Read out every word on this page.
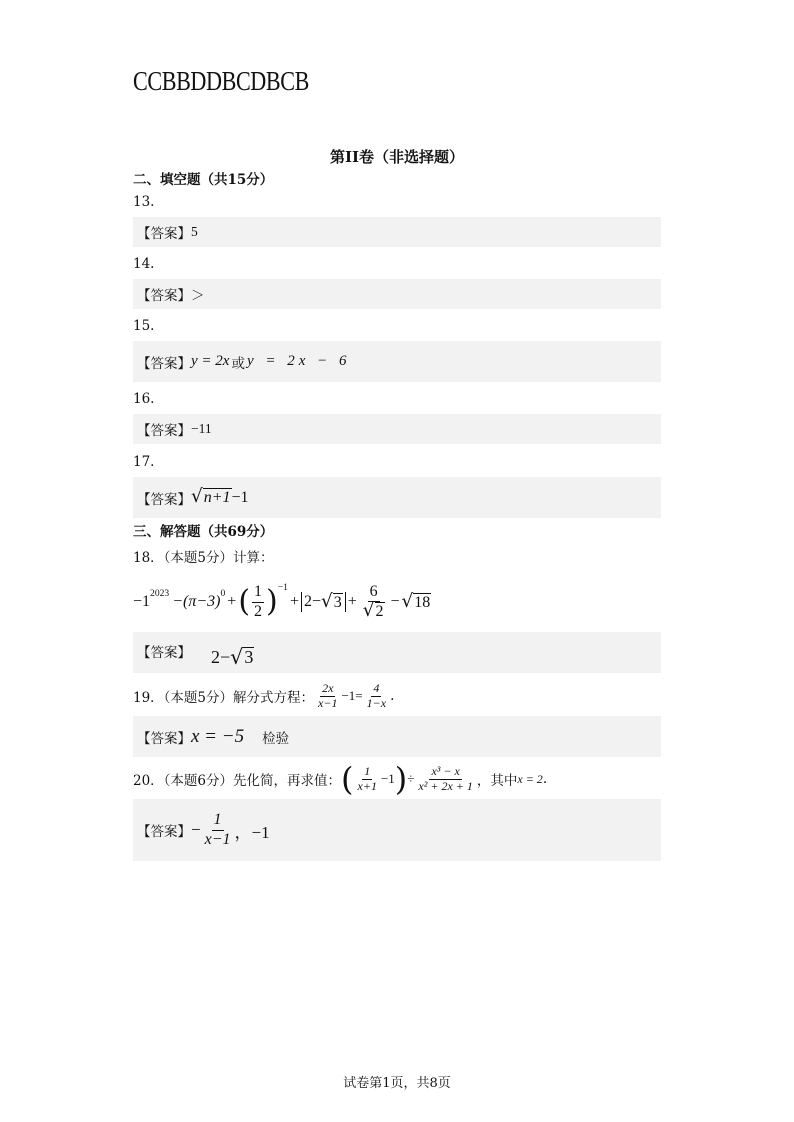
CCBBDDBCDBCB
第II卷（非选择题）
二、填空题（共15分）
13.
【答案】 5
14.
【答案】 ＞
15.
【答案】 y = 2x 或 y = 2x − 6
16.
【答案】 −11
17.
【答案】 √ n+1 −1
三、解答题（共69分）
18．（本题5分）计算：
$-1^{2023} -(\pi-3)^0$ + ( $\frac{1}{2} )^{-1}$
+ 2− √ $3 + \frac{6}{√ 2}$ − √ 18
【答案】 2− √ 3
19．（本题5分）解分式方程： $\frac{2x}{x-1} -1= \frac{4}{1-x}$ .
【答案】 x = −5 检验
20．（本题6分）先化简，再求值： ( $\frac{1}{x+1} -1$ ) ÷ $\frac{\text{x³ − x}}{\text{x² + 2x + 1}}$ ，其中 x = 2 .
【答案】 − $\frac{1}{x-1}$ ，−1
试卷第1页，共8页
